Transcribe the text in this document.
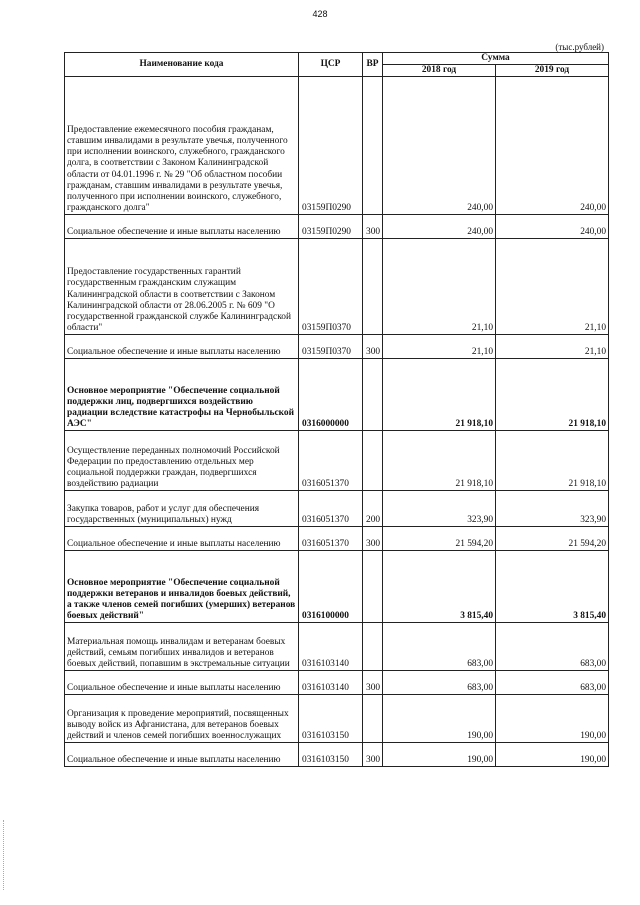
428
(тыс.рублей)
Наименование кода	ЦСР	ВР	Сумма	
			2018 год	2019 год
Предоставление ежемесячного пособия гражданам, ставшим инвалидами в результате увечья, полученного при исполнении воинского, служебного, гражданского долга, в соответствии с Законом Калининградской области от 04.01.1996 г. № 29 "Об областном пособии гражданам, ставшим инвалидами в результате увечья, полученного при исполнении воинского, служебного, гражданского долга"	03159П0290		240,00	240,00
Социальное обеспечение и иные выплаты населению	03159П0290	300	240,00	240,00
Предоставление государственных гарантий государственным гражданским служащим Калининградской области в соответствии с Законом Калининградской области от 28.06.2005 г. № 609 "О государственной гражданской службе Калининградской области"	03159П0370		21,10	21,10
Социальное обеспечение и иные выплаты населению	03159П0370	300	21,10	21,10
Основное мероприятие "Обеспечение социальной поддержки лиц, подвергшихся воздействию радиации вследствие катастрофы на Чернобыльской АЭС"	0316000000		21 918,10	21 918,10
Осуществление переданных полномочий Российской Федерации по предоставлению отдельных мер социальной поддержки граждан, подвергшихся воздействию радиации	0316051370		21 918,10	21 918,10
Закупка товаров, работ и услуг для обеспечения государственных (муниципальных) нужд	0316051370	200	323,90	323,90
Социальное обеспечение и иные выплаты населению	0316051370	300	21 594,20	21 594,20
Основное мероприятие "Обеспечение социальной поддержки ветеранов и инвалидов боевых действий, а также членов семей погибших (умерших) ветеранов боевых действий"	0316100000		3 815,40	3 815,40
Материальная помощь инвалидам и ветеранам боевых действий, семьям погибших инвалидов и ветеранов боевых действий, попавшим в экстремальные ситуации	0316103140		683,00	683,00
Социальное обеспечение и иные выплаты населению	0316103140	300	683,00	683,00
Организация к проведение мероприятий, посвященных выводу войск из Афганистана, для ветеранов боевых действий и членов семей погибших военнослужащих	0316103150		190,00	190,00
Социальное обеспечение и иные выплаты населению	0316103150	300	190,00	190,00
